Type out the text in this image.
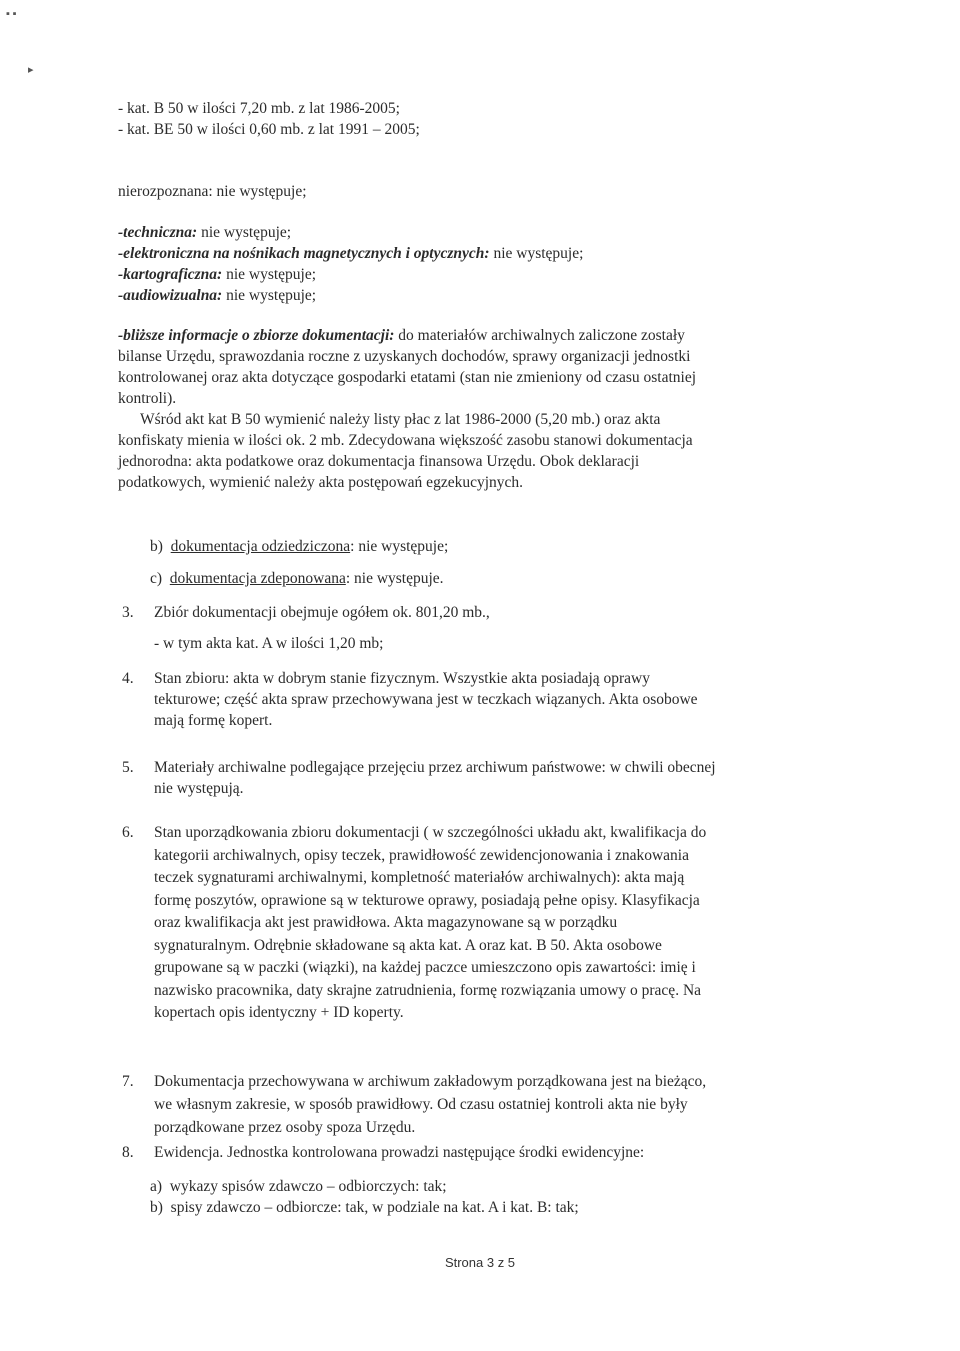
▪ ▪
▸

- kat. B 50 w ilości 7,20 mb. z lat 1986-2005;

- kat. BE 50 w ilości 0,60 mb. z lat 1991 – 2005;

nierozpoznana: nie występuje;

-techniczna: nie występuje;

-elektroniczna na nośnikach magnetycznych i optycznych: nie występuje;

-kartograficzna: nie występuje;

-audiowizualna: nie występuje;

-bliższe informacje o zbiorze dokumentacji: do materiałów archiwalnych zaliczone zostały

bilanse Urzędu, sprawozdania roczne z uzyskanych dochodów, sprawy organizacji jednostki

kontrolowanej oraz akta dotyczące gospodarki etatami (stan nie zmieniony od czasu ostatniej

kontroli).

Wśród akt kat B 50 wymienić należy listy płac z lat 1986-2000 (5,20 mb.) oraz akta

konfiskaty mienia w ilości ok. 2 mb. Zdecydowana większość zasobu stanowi dokumentacja

jednorodna: akta podatkowe oraz dokumentacja finansowa Urzędu. Obok deklaracji

podatkowych, wymienić należy akta postępowań egzekucyjnych.

b) dokumentacja odziedziczona: nie występuje;

c) dokumentacja zdeponowana: nie występuje.

3. Zbiór dokumentacji obejmuje ogółem ok. 801,20 mb.,

- w tym akta kat. A w ilości 1,20 mb;

4. Stan zbioru: akta w dobrym stanie fizycznym. Wszystkie akta posiadają oprawy

tekturowe; część akta spraw przechowywana jest w teczkach wiązanych. Akta osobowe

mają formę kopert.

5. Materiały archiwalne podlegające przejęciu przez archiwum państwowe: w chwili obecnej

nie występują.

6. Stan uporządkowania zbioru dokumentacji ( w szczególności układu akt, kwalifikacja do

kategorii archiwalnych, opisy teczek, prawidłowość zewidencjonowania i znakowania

teczek sygnaturami archiwalnymi, kompletność materiałów archiwalnych): akta mają

formę poszytów, oprawione są w tekturowe oprawy, posiadają pełne opisy. Klasyfikacja

oraz kwalifikacja akt jest prawidłowa. Akta magazynowane są w porządku

sygnaturalnym. Odrębnie składowane są akta kat. A oraz kat. B 50. Akta osobowe

grupowane są w paczki (wiązki), na każdej paczce umieszczono opis zawartości: imię i

nazwisko pracownika, daty skrajne zatrudnienia, formę rozwiązania umowy o pracę. Na

kopertach opis identyczny + ID koperty.

7. Dokumentacja przechowywana w archiwum zakładowym porządkowana jest na bieżąco,

we własnym zakresie, w sposób prawidłowy. Od czasu ostatniej kontroli akta nie były

porządkowane przez osoby spoza Urzędu.

8. Ewidencja. Jednostka kontrolowana prowadzi następujące środki ewidencyjne:

a) wykazy spisów zdawczo – odbiorczych: tak;

b) spisy zdawczo – odbiorcze: tak, w podziale na kat. A i kat. B: tak;

Strona 3 z 5
